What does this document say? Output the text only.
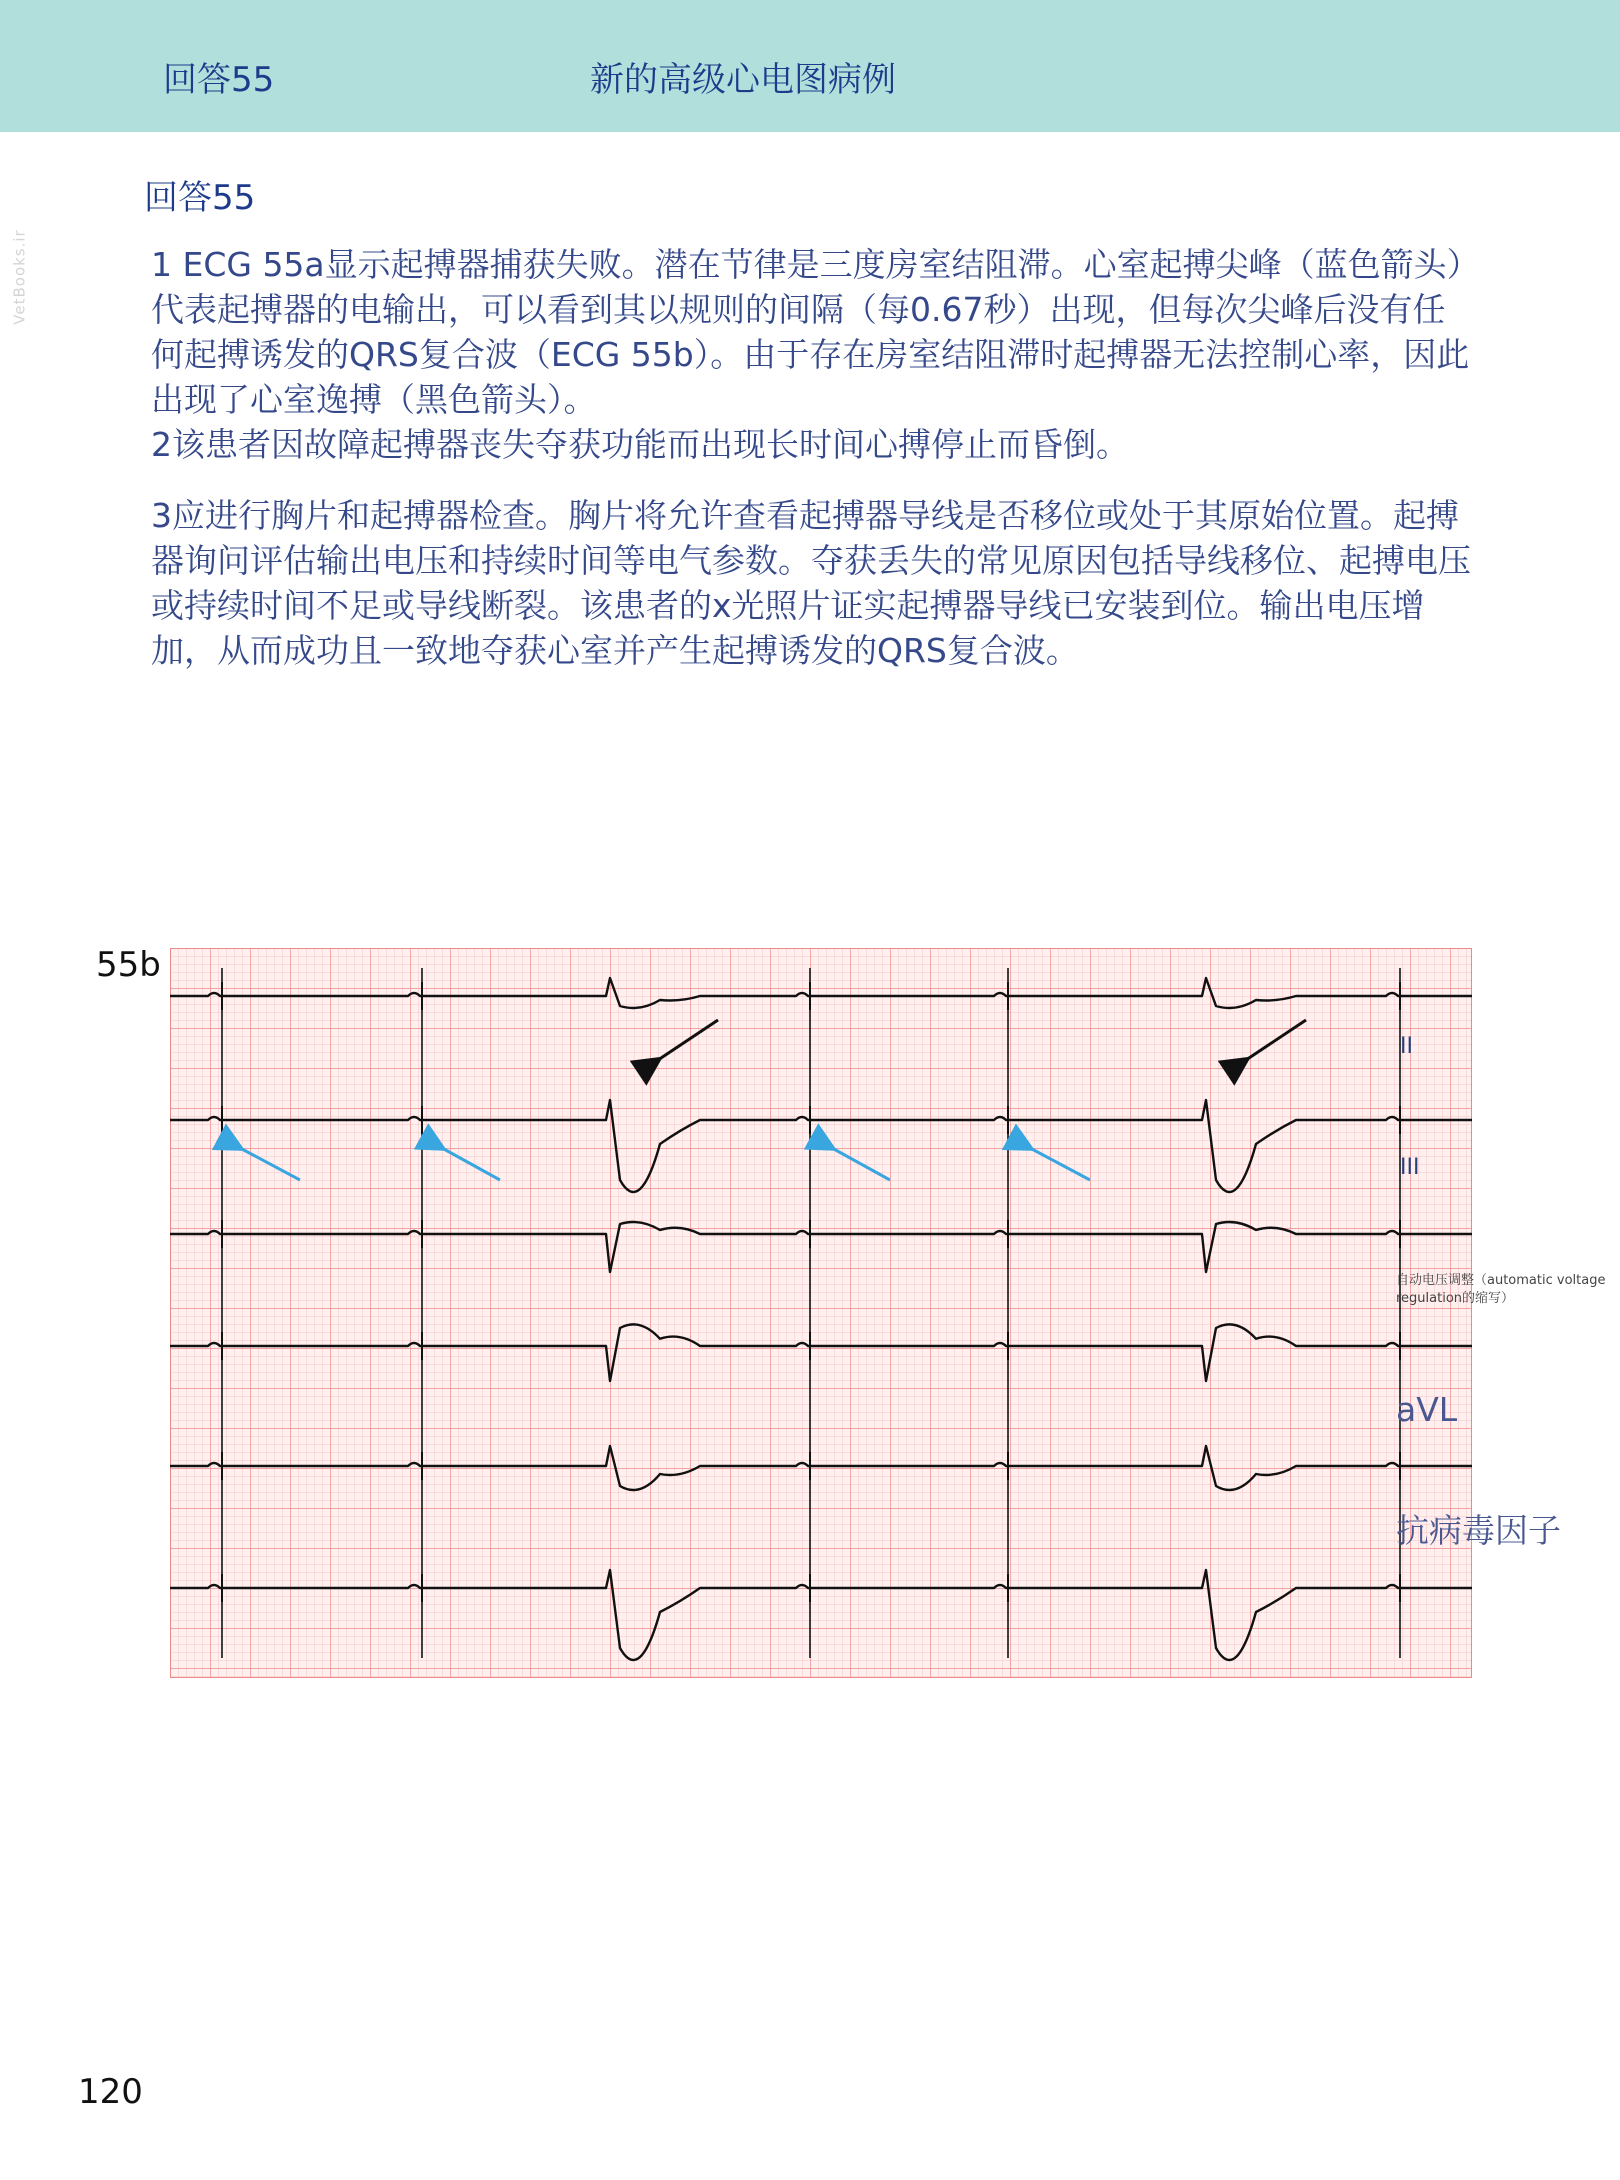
回答55	新的高级心电图病例
VetBooks.ir
回答55

1 ECG 55a显示起搏器捕获失败。潜在节律是三度房室结阻滞。心室起搏尖峰（蓝色箭头）代表起搏器的电输出，可以看到其以规则的间隔（每0.67秒）出现，但每次尖峰后没有任何起搏诱发的QRS复合波（ECG 55b）。由于存在房室结阻滞时起搏器无法控制心率，因此出现了心室逸搏（黑色箭头）。

2该患者因故障起搏器丧失夺获功能而出现长时间心搏停止而昏倒。

3应进行胸片和起搏器检查。胸片将允许查看起搏器导线是否移位或处于其原始位置。起搏器询问评估输出电压和持续时间等电气参数。夺获丢失的常见原因包括导线移位、起搏电压或持续时间不足或导线断裂。该患者的x光照片证实起搏器导线已安装到位。输出电压增加，从而成功且一致地夺获心室并产生起搏诱发的QRS复合波。

55b
II
III
自动电压调整（automatic voltage regulation的缩写）
aVL
抗病毒因子
120
